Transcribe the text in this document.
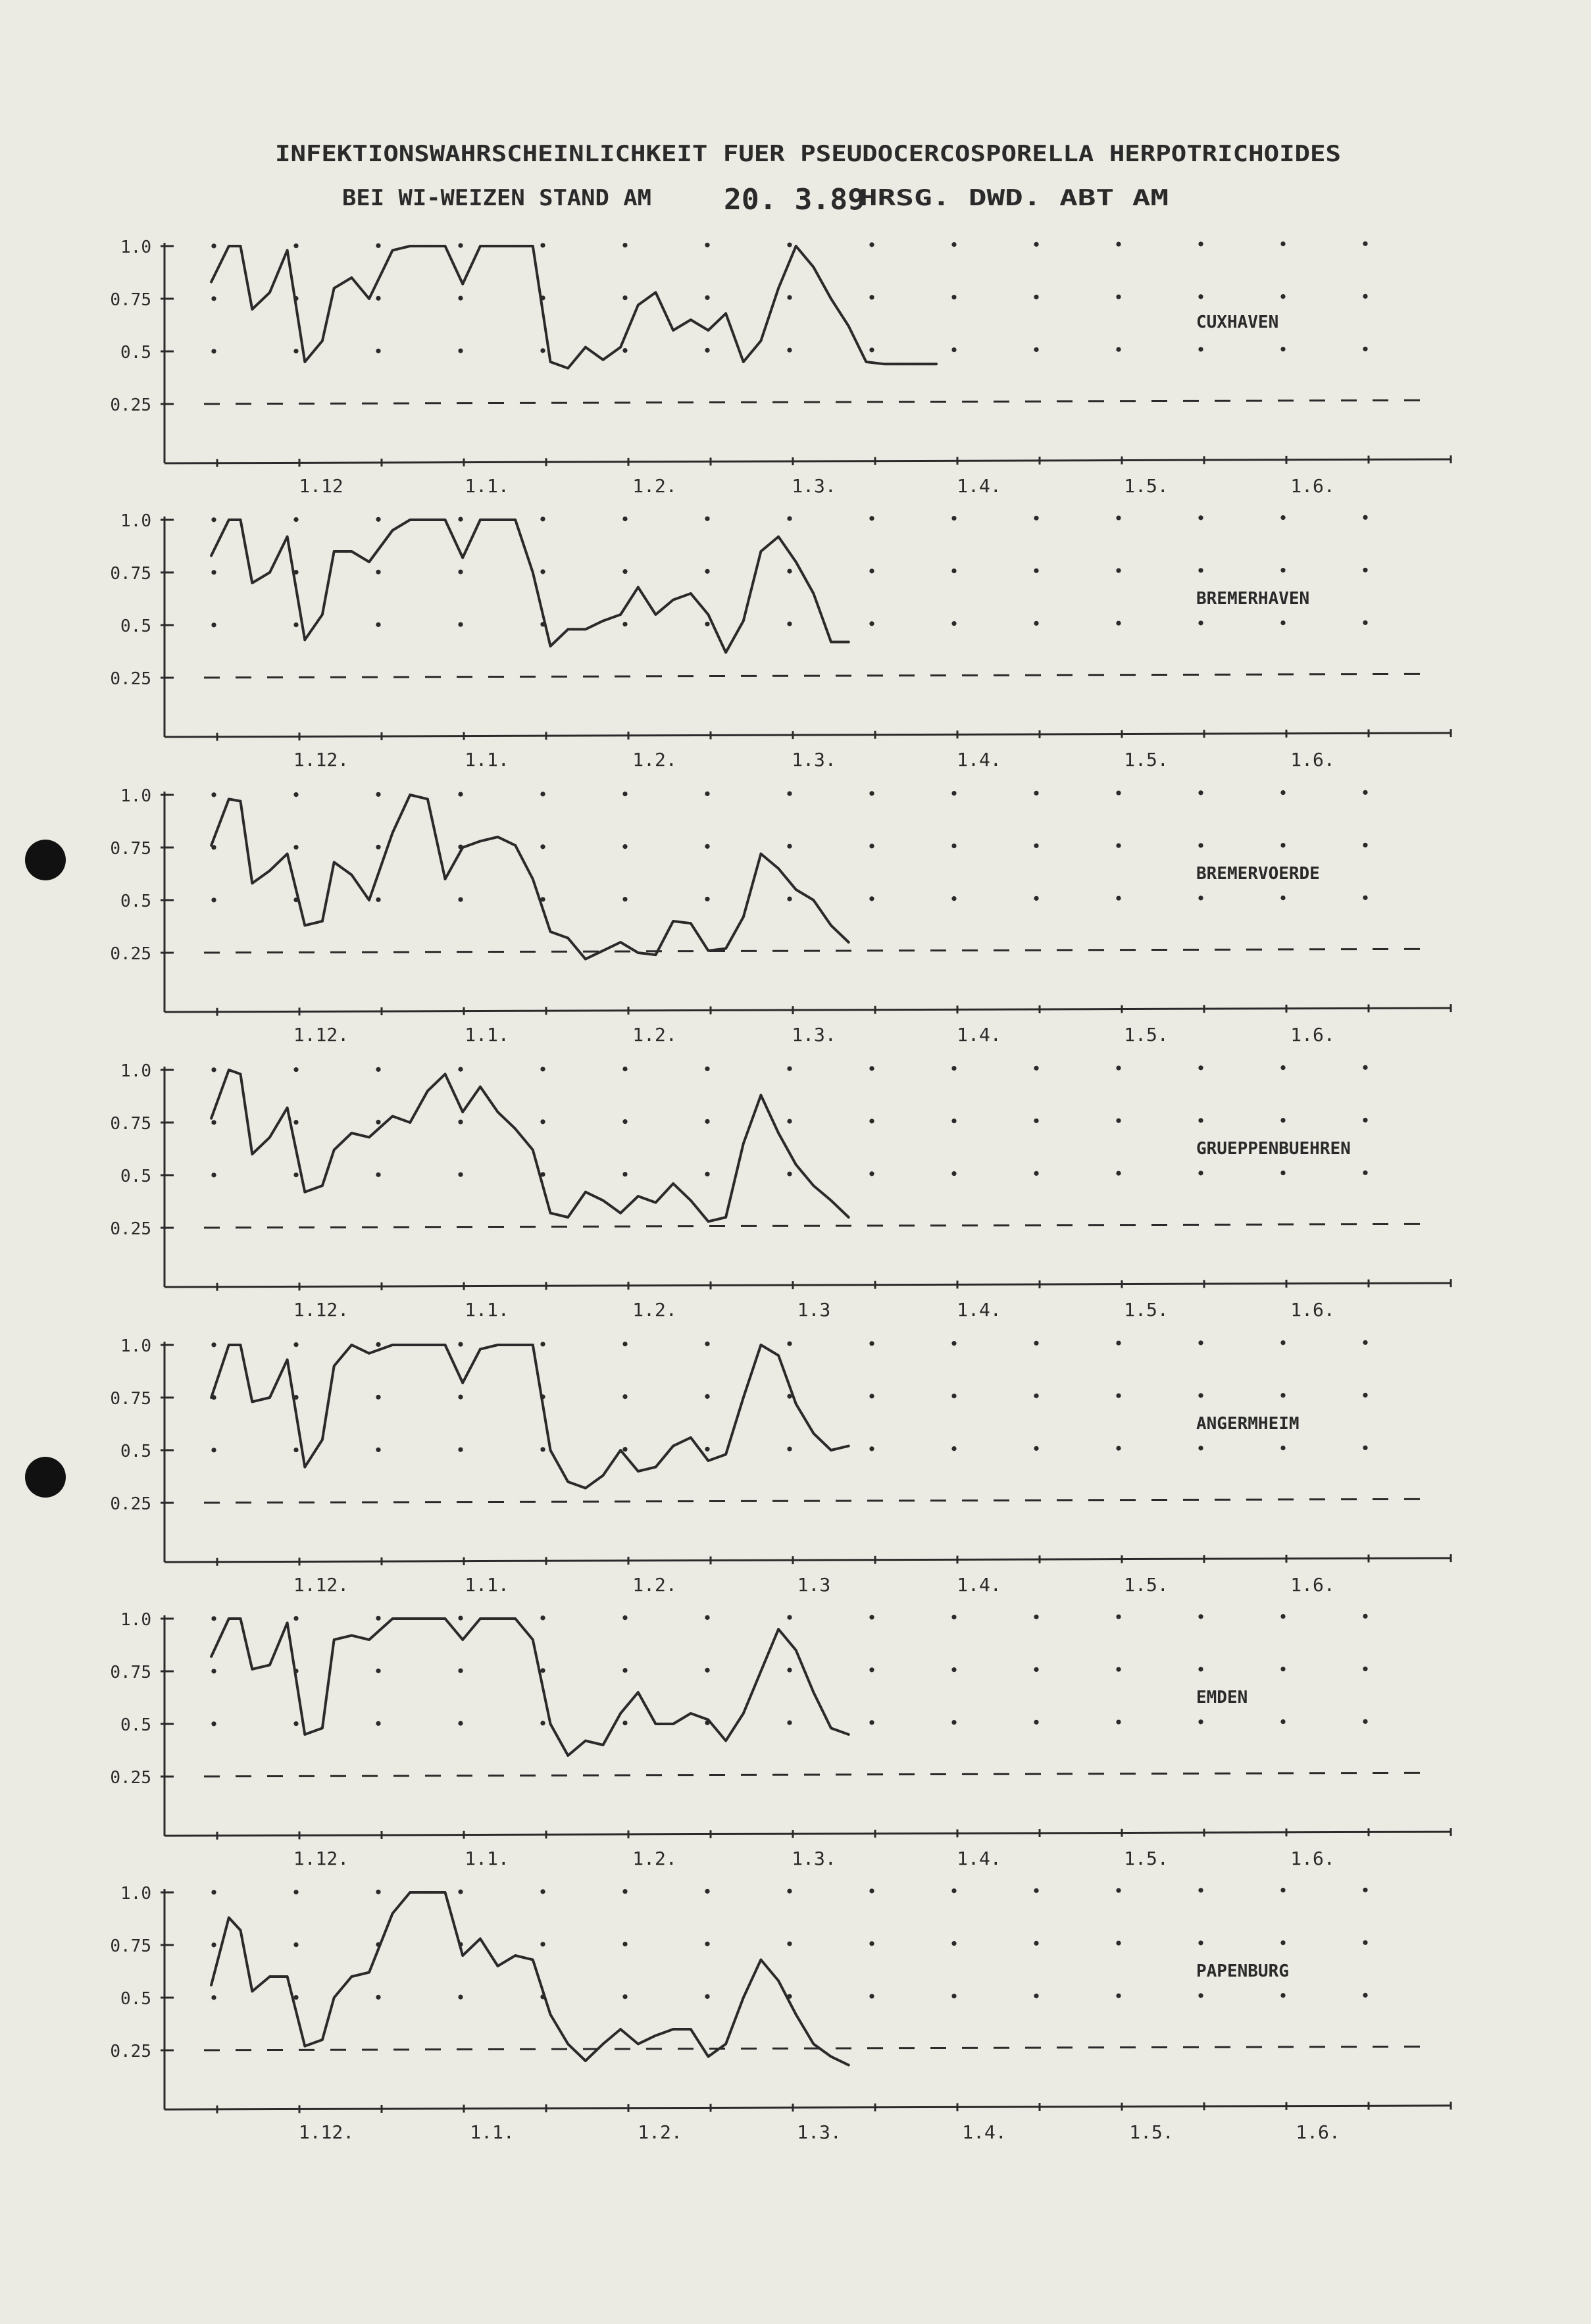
INFEKTIONSWAHRSCHEINLICHKEIT FUER PSEUDOCERCOSPORELLA HERPOTRICHOIDES
BEI WI-WEIZEN STAND AM	20. 3.89
HRSG. DWD. ABT AM
1.0
0.75
0.5
0.25
1.12	1.1.	1.2.	1.3.	1.4.	1.5.	1.6.
CUXHAVEN
1.0
0.75
0.5
0.25
1.12.	1.1.	1.2.	1.3.	1.4.	1.5.	1.6.
BREMERHAVEN
1.0
0.75
0.5
0.25
1.12.	1.1.	1.2.	1.3.	1.4.	1.5.	1.6.
BREMERVOERDE
1.0
0.75
0.5
0.25
1.12.	1.1.	1.2.	1.3	1.4.	1.5.	1.6.
GRUEPPENBUEHREN
1.0
0.75
0.5
0.25
1.12.	1.1.	1.2.	1.3	1.4.	1.5.	1.6.
ANGERMHEIM
1.0
0.75
0.5
0.25
1.12.	1.1.	1.2.	1.3.	1.4.	1.5.	1.6.
EMDEN
1.0
0.75
0.5
0.25
1.12.	1.1.	1.2.	1.3.	1.4.	1.5.	1.6.
PAPENBURG
